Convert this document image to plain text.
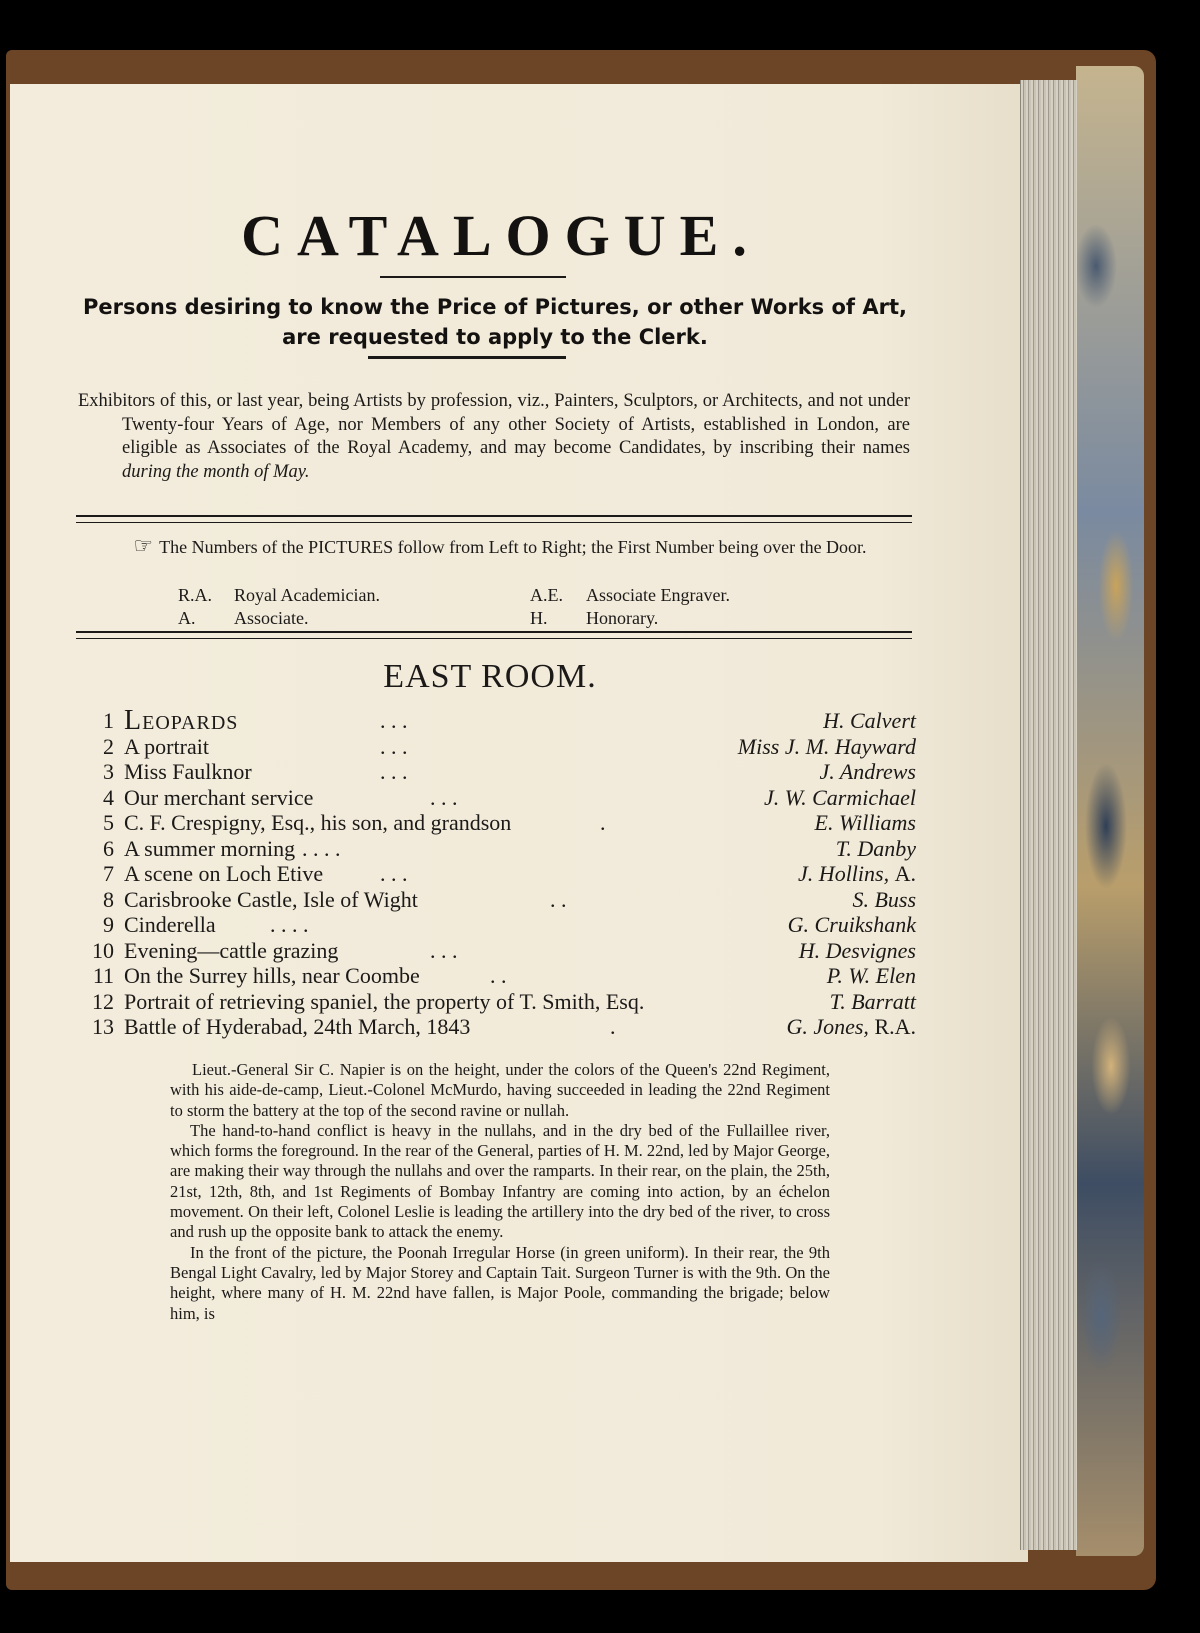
CATALOGUE.
Persons desiring to know the Price of Pictures, or other Works of Art, are requested to apply to the Clerk.
Exhibitors of this, or last year, being Artists by profession, viz., Painters, Sculptors, or Architects, and not under Twenty-four Years of Age, nor Members of any other Society of Artists, established in London, are eligible as Associates of the Royal Academy, and may become Candidates, by inscribing their names during the month of May.
☞ The Numbers of the PICTURES follow from Left to Right; the First Number being over the Door.
R.A. Royal Academician.
A. Associate.
A.E. Associate Engraver.
H. Honorary.
EAST ROOM.
1 Leopards	. . .	H. Calvert
2 A portrait	. . .	Miss J. M. Hayward
3 Miss Faulknor	. . .	J. Andrews
4 Our merchant service	. . .	J. W. Carmichael
5 C. F. Crespigny, Esq., his son, and grandson	.	E. Williams
6 A summer morning . . . .	T. Danby
7 A scene on Loch Etive	. . .	J. Hollins, A.
8 Carisbrooke Castle, Isle of Wight	. .	S. Buss
9 Cinderella . . . .	G. Cruikshank
10 Evening—cattle grazing	. . .	H. Desvignes
11 On the Surrey hills, near Coombe	. .	P. W. Elen
12 Portrait of retrieving spaniel, the property of T. Smith, Esq.	T. Barratt
13 Battle of Hyderabad, 24th March, 1843	.	G. Jones, R.A.

Lieut.-General Sir C. Napier is on the height, under the colors of the Queen's 22nd Regiment, with his aide-de-camp, Lieut.-Colonel McMurdo, having succeeded in leading the 22nd Regiment to storm the battery at the top of the second ravine or nullah.

The hand-to-hand conflict is heavy in the nullahs, and in the dry bed of the Fullaillee river, which forms the foreground. In the rear of the General, parties of H. M. 22nd, led by Major George, are making their way through the nullahs and over the ramparts. In their rear, on the plain, the 25th, 21st, 12th, 8th, and 1st Regiments of Bombay Infantry are coming into action, by an échelon movement. On their left, Colonel Leslie is leading the artillery into the dry bed of the river, to cross and rush up the opposite bank to attack the enemy.

In the front of the picture, the Poonah Irregular Horse (in green uniform). In their rear, the 9th Bengal Light Cavalry, led by Major Storey and Captain Tait. Surgeon Turner is with the 9th. On the height, where many of H. M. 22nd have fallen, is Major Poole, commanding the brigade; below him, is
